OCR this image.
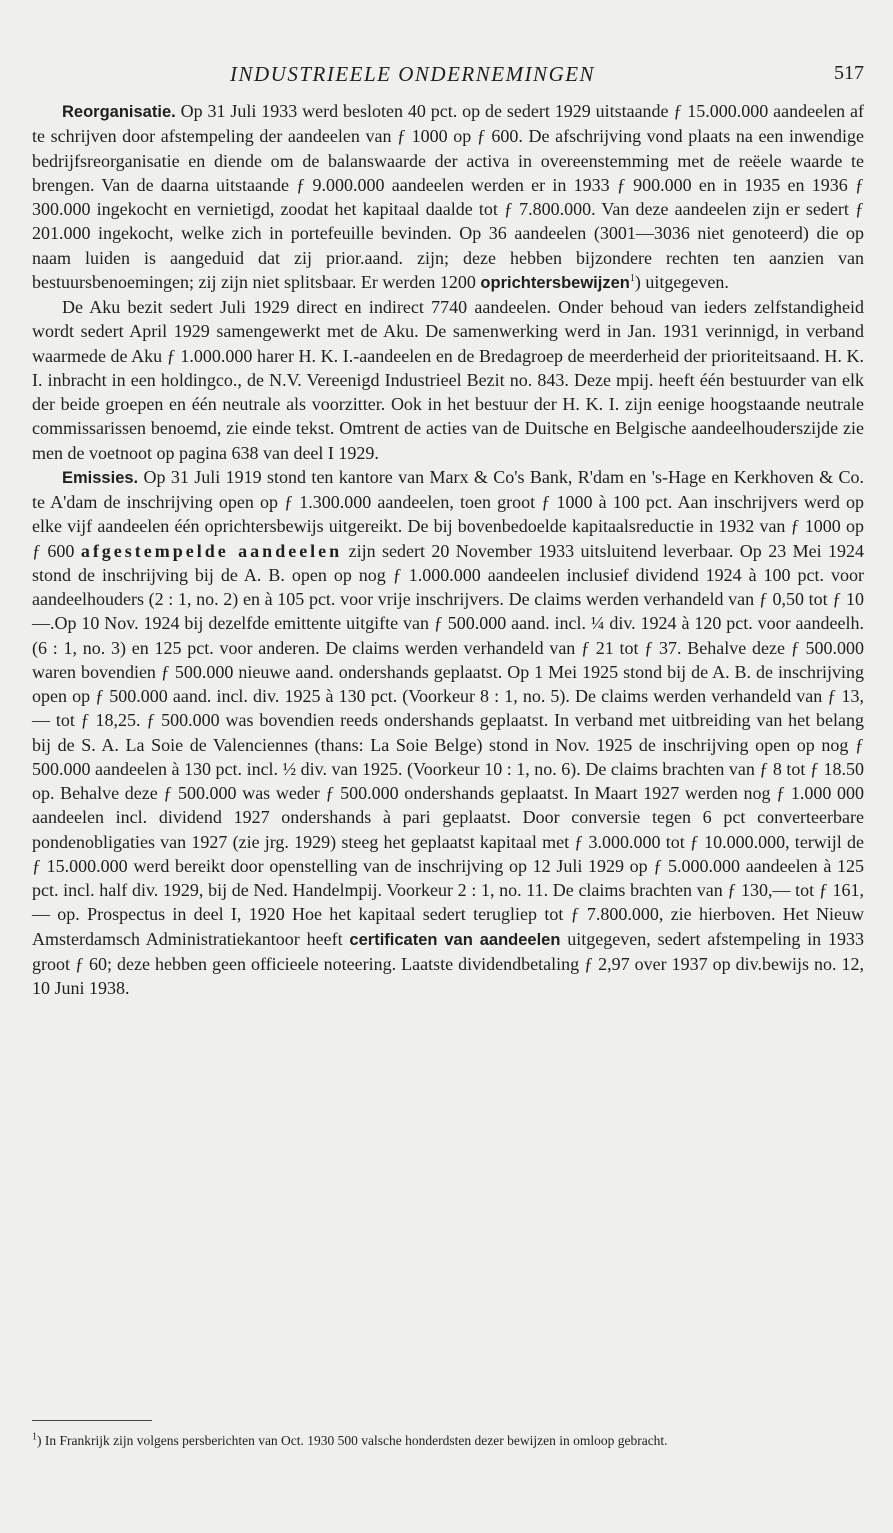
INDUSTRIEELE ONDERNEMINGEN	517

Reorganisatie. Op 31 Juli 1933 werd besloten 40 pct. op de sedert 1929 uitstaande ƒ 15.000.000 aandeelen af te schrijven door afstempeling der aandeelen van ƒ 1000 op ƒ 600. De afschrijving vond plaats na een inwendige bedrijfsreorganisatie en diende om de balanswaarde der activa in overeenstemming met de reëele waarde te brengen. Van de daarna uitstaande ƒ 9.000.000 aandeelen werden er in 1933 ƒ 900.000 en in 1935 en 1936 ƒ 300.000 ingekocht en vernietigd, zoodat het kapitaal daalde tot ƒ 7.800.000. Van deze aandeelen zijn er sedert ƒ 201.000 ingekocht, welke zich in portefeuille bevinden. Op 36 aandeelen (3001—3036 niet genoteerd) die op naam luiden is aangeduid dat zij prior.aand. zijn; deze hebben bijzondere rechten ten aanzien van bestuursbenoemingen; zij zijn niet splitsbaar. Er werden 1200 oprichtersbewijzen$^1$) uitgegeven.

De Aku bezit sedert Juli 1929 direct en indirect 7740 aandeelen. Onder behoud van ieders zelfstandigheid wordt sedert April 1929 samengewerkt met de Aku. De samenwerking werd in Jan. 1931 verinnigd, in verband waarmede de Aku ƒ 1.000.000 harer H. K. I.-aandeelen en de Bredagroep de meerderheid der prioriteitsaand. H. K. I. inbracht in een holdingco., de N.V. Vereenigd Industrieel Bezit no. 843. Deze mpij. heeft één bestuurder van elk der beide groepen en één neutrale als voorzitter. Ook in het bestuur der H. K. I. zijn eenige hoogstaande neutrale commissarissen benoemd, zie einde tekst. Omtrent de acties van de Duitsche en Belgische aandeelhouderszijde zie men de voetnoot op pagina 638 van deel I 1929.

Emissies. Op 31 Juli 1919 stond ten kantore van Marx & Co's Bank, R'dam en 's-Hage en Kerkhoven & Co. te A'dam de inschrijving open op ƒ 1.300.000 aandeelen, toen groot ƒ 1000 à 100 pct. Aan inschrijvers werd op elke vijf aandeelen één oprichtersbewijs uitgereikt. De bij bovenbedoelde kapitaalsreductie in 1932 van ƒ 1000 op ƒ 600 afgestempelde aandeelen zijn sedert 20 November 1933 uitsluitend leverbaar. Op 23 Mei 1924 stond de inschrijving bij de A. B. open op nog ƒ 1.000.000 aandeelen inclusief dividend 1924 à 100 pct. voor aandeelhouders (2 : 1, no. 2) en à 105 pct. voor vrije inschrijvers. De claims werden verhandeld van ƒ 0,50 tot ƒ 10—.Op 10 Nov. 1924 bij dezelfde emittente uitgifte van ƒ 500.000 aand. incl. ¼ div. 1924 à 120 pct. voor aandeelh. (6 : 1, no. 3) en 125 pct. voor anderen. De claims werden verhandeld van ƒ 21 tot ƒ 37. Behalve deze ƒ 500.000 waren bovendien ƒ 500.000 nieuwe aand. ondershands geplaatst. Op 1 Mei 1925 stond bij de A. B. de inschrijving open op ƒ 500.000 aand. incl. div. 1925 à 130 pct. (Voorkeur 8 : 1, no. 5). De claims werden verhandeld van ƒ 13,— tot ƒ 18,25. ƒ 500.000 was bovendien reeds ondershands geplaatst. In verband met uitbreiding van het belang bij de S. A. La Soie de Valenciennes (thans: La Soie Belge) stond in Nov. 1925 de inschrijving open op nog ƒ 500.000 aandeelen à 130 pct. incl. ½ div. van 1925. (Voorkeur 10 : 1, no. 6). De claims brachten van ƒ 8 tot ƒ 18.50 op. Behalve deze ƒ 500.000 was weder ƒ 500.000 ondershands geplaatst. In Maart 1927 werden nog ƒ 1.000 000 aandeelen incl. dividend 1927 ondershands à pari geplaatst. Door conversie tegen 6 pct converteerbare pondenobligaties van 1927 (zie jrg. 1929) steeg het geplaatst kapitaal met ƒ 3.000.000 tot ƒ 10.000.000, terwijl de ƒ 15.000.000 werd bereikt door openstelling van de inschrijving op 12 Juli 1929 op ƒ 5.000.000 aandeelen à 125 pct. incl. half div. 1929, bij de Ned. Handelmpij. Voorkeur 2 : 1, no. 11. De claims brachten van ƒ 130,— tot ƒ 161,— op. Prospectus in deel I, 1920 Hoe het kapitaal sedert terugliep tot ƒ 7.800.000, zie hierboven. Het Nieuw Amsterdamsch Administratiekantoor heeft certificaten van aandeelen uitgegeven, sedert afstempeling in 1933 groot ƒ 60; deze hebben geen officieele noteering. Laatste dividendbetaling ƒ 2,97 over 1937 op div.bewijs no. 12, 10 Juni 1938.

$^1$) In Frankrijk zijn volgens persberichten van Oct. 1930 500 valsche honderdsten dezer bewijzen in omloop gebracht.
